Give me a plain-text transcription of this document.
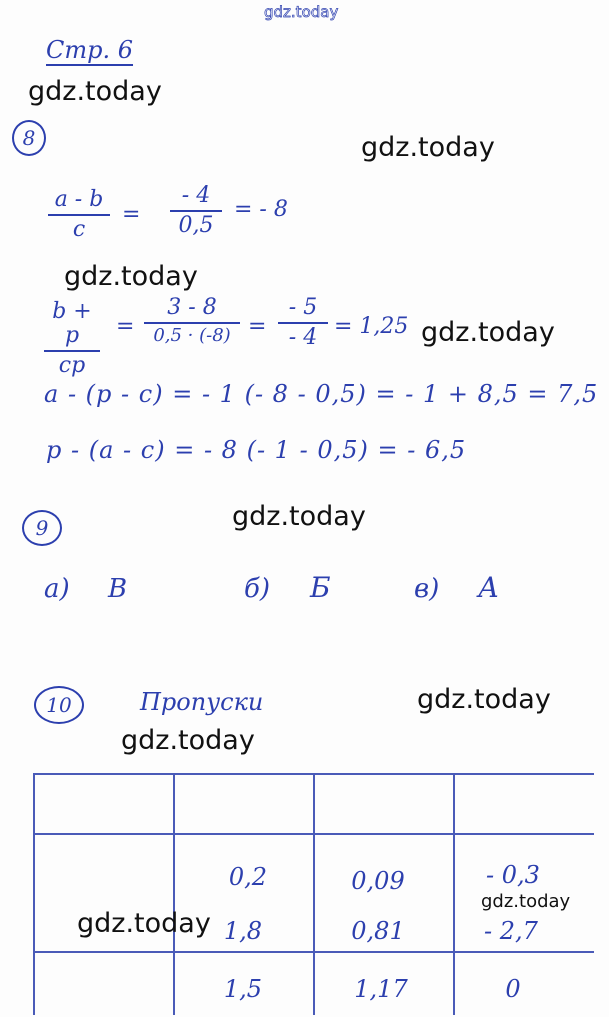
gdz.today
Стр. 6
gdz.today
gdz.today
8
a - b
c
=
- 4
0,5
= - 8
gdz.today
b + p
cp
=
3 - 8
0,5 · (-8) =
- 5
- 4 = 1,25 gdz.today
a - (p - c) = - 1 (- 8 - 0,5) = - 1 + 8,5 = 7,5
p - (a - c) = - 8 (- 1 - 0,5) = - 6,5
9	gdz.today
а) В	б) Б	в) А
10	Пропуски	gdz.today
gdz.today
0,2	0,09	- 0,3
1,8	0,81	- 2,7
1,5	1,17	0
gdz.today
gdz.today
